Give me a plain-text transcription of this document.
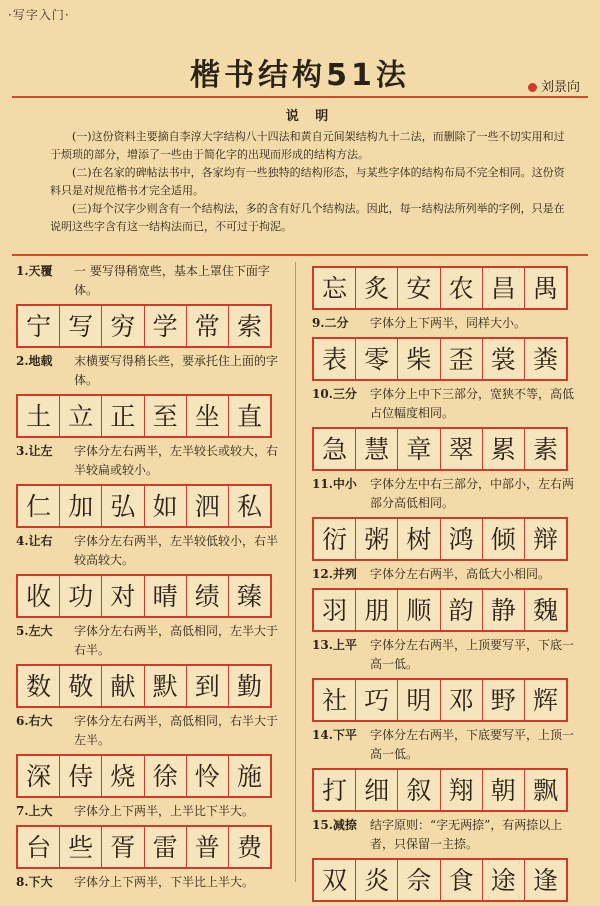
·写字入门·
楷书结构51法	刘景向
说 明

(一)这份资料主要摘自李淳大字结构八十四法和黄自元间架结构九十二法，而删除了一些不切实用和过于烦琐的部分，增添了一些由于简化字的出现而形成的结构方法。

(二)在名家的碑帖法书中，各家均有一些独特的结构形态，与某些字体的结构布局不完全相同。这份资料只是对规范楷书才完全适用。

(三)每个汉字少则含有一个结构法，多的含有好几个结构法。因此，每一结构法所列举的字例，只是在说明这些字含有这一结构法而已，不可过于拘泥。

1.天覆	一 要写得稍宽些，基本上罩住下面字体。
宁 写 穷 学 常 索
2.地载	末横要写得稍长些，要承托住上面的字体。
土 立 正 至 坐 直
3.让左	字体分左右两半，左半较长或较大，右半较扁或较小。
仁 加 弘 如 泗 私
4.让右	字体分左右两半，左半较低较小，右半较高较大。
收 功 对 晴 绩 臻
5.左大	字体分左右两半，高低相同，左半大于右半。
数 敬 献 默 到 勤
6.右大	字体分左右两半，高低相同，右半大于左半。
深 侍 烧 徐 怜 施
7.上大	字体分上下两半，上半比下半大。
台 些 胥 雷 普 费
8.下大	字体分上下两半，下半比上半大。
忘 炙 安 农 昌 禺
9.二分	字体分上下两半，同样大小。
表 零 柴 歪 裳 粪
10.三分	字体分上中下三部分，宽狭不等，高低占位幅度相同。
急 慧 章 翠 累 素
11.中小	字体分左中右三部分，中部小，左右两部分高低相同。
衍 粥 树 鸿 倾 辩
12.并列	字体分左右两半，高低大小相同。
羽 朋 顺 韵 静 魏
13.上平	字体分左右两半，上顶要写平，下底一高一低。
社 巧 明 邓 野 辉
14.下平	字体分左右两半，下底要写平，上顶一高一低。
打 细 叙 翔 朝 飘
15.减捺	结字原则：“字无两捺”，有两捺以上者，只保留一主捺。
双 炎 佘 食 途 逢
